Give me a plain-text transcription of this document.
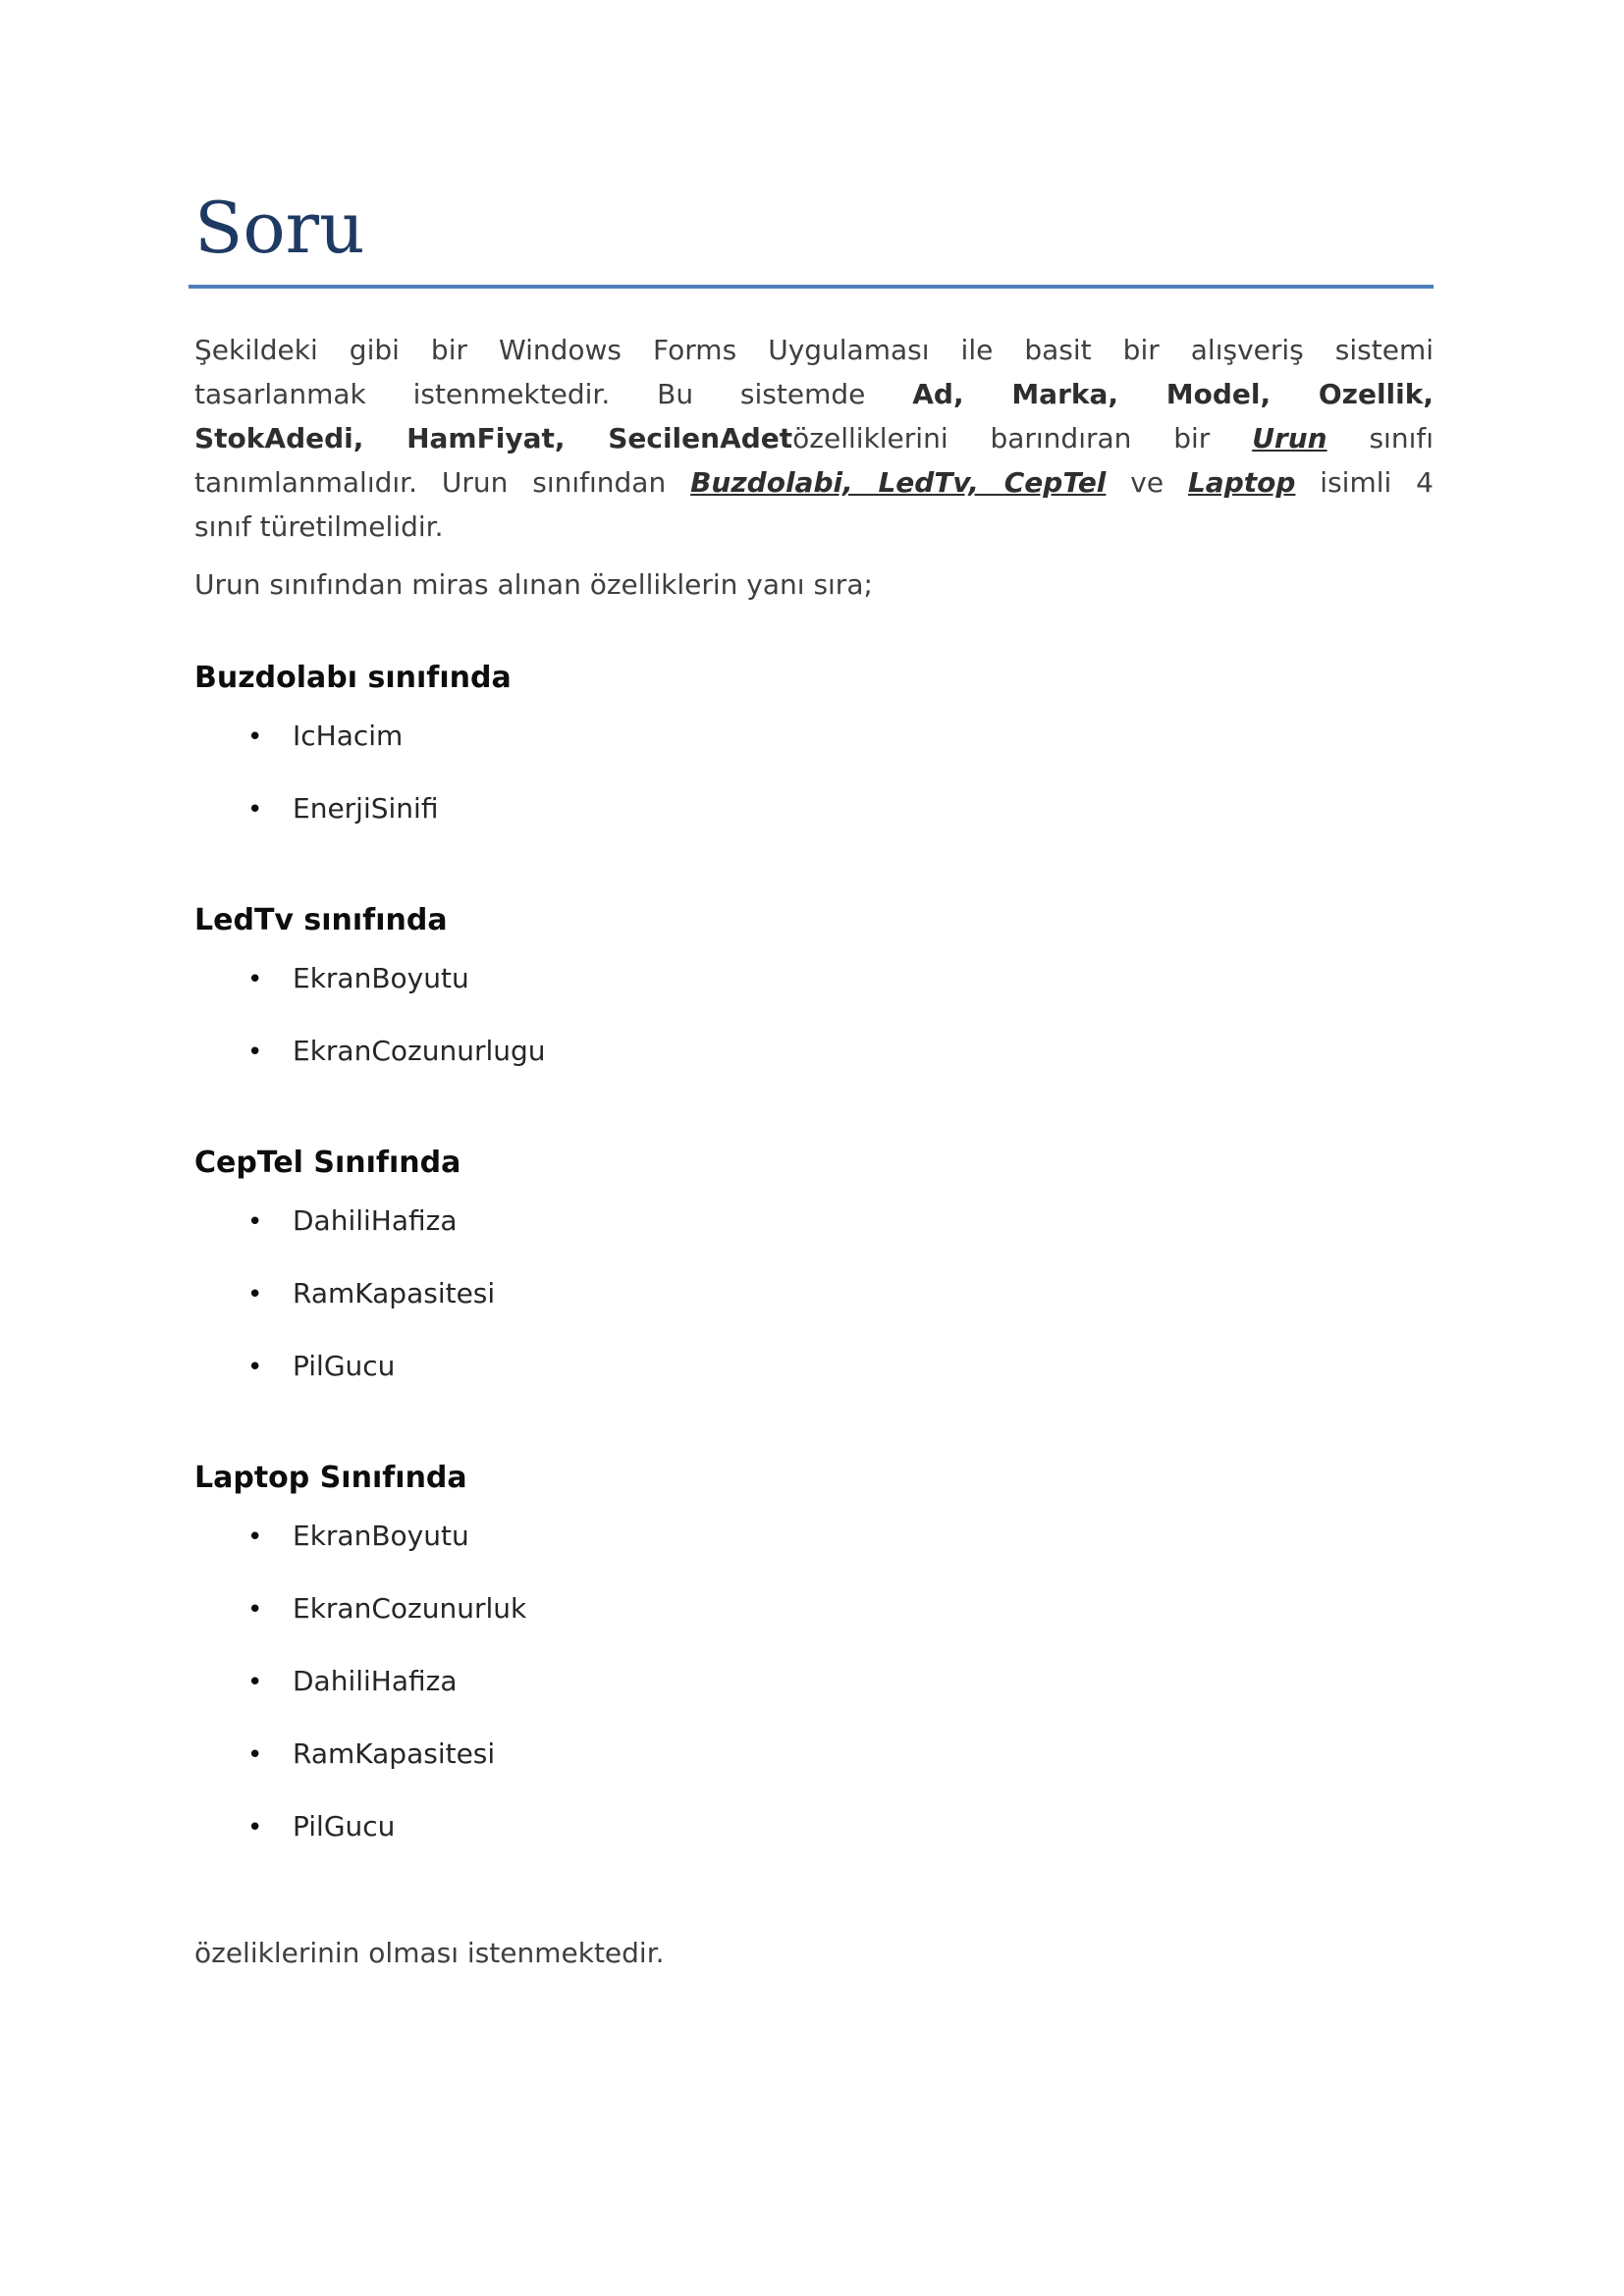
Soru
Şekildeki gibi bir Windows Forms Uygulaması ile basit bir alışveriş sistemi
tasarlanmak istenmektedir. Bu sistemde Ad, Marka, Model, Ozellik,
StokAdedi, HamFiyat, SecilenAdetözelliklerini barındıran bir Urun sınıfı
tanımlanmalıdır. Urun sınıfından Buzdolabi, LedTv, CepTel ve Laptop isimli 4
sınıf türetilmelidir.
Urun sınıfından miras alınan özelliklerin yanı sıra;
Buzdolabı sınıfında
• IcHacim
• EnerjiSinifi
LedTv sınıfında
• EkranBoyutu
• EkranCozunurlugu
CepTel Sınıfında
• DahiliHafiza
• RamKapasitesi
• PilGucu
Laptop Sınıfında
• EkranBoyutu
• EkranCozunurluk
• DahiliHafiza
• RamKapasitesi
• PilGucu
özeliklerinin olması istenmektedir.
